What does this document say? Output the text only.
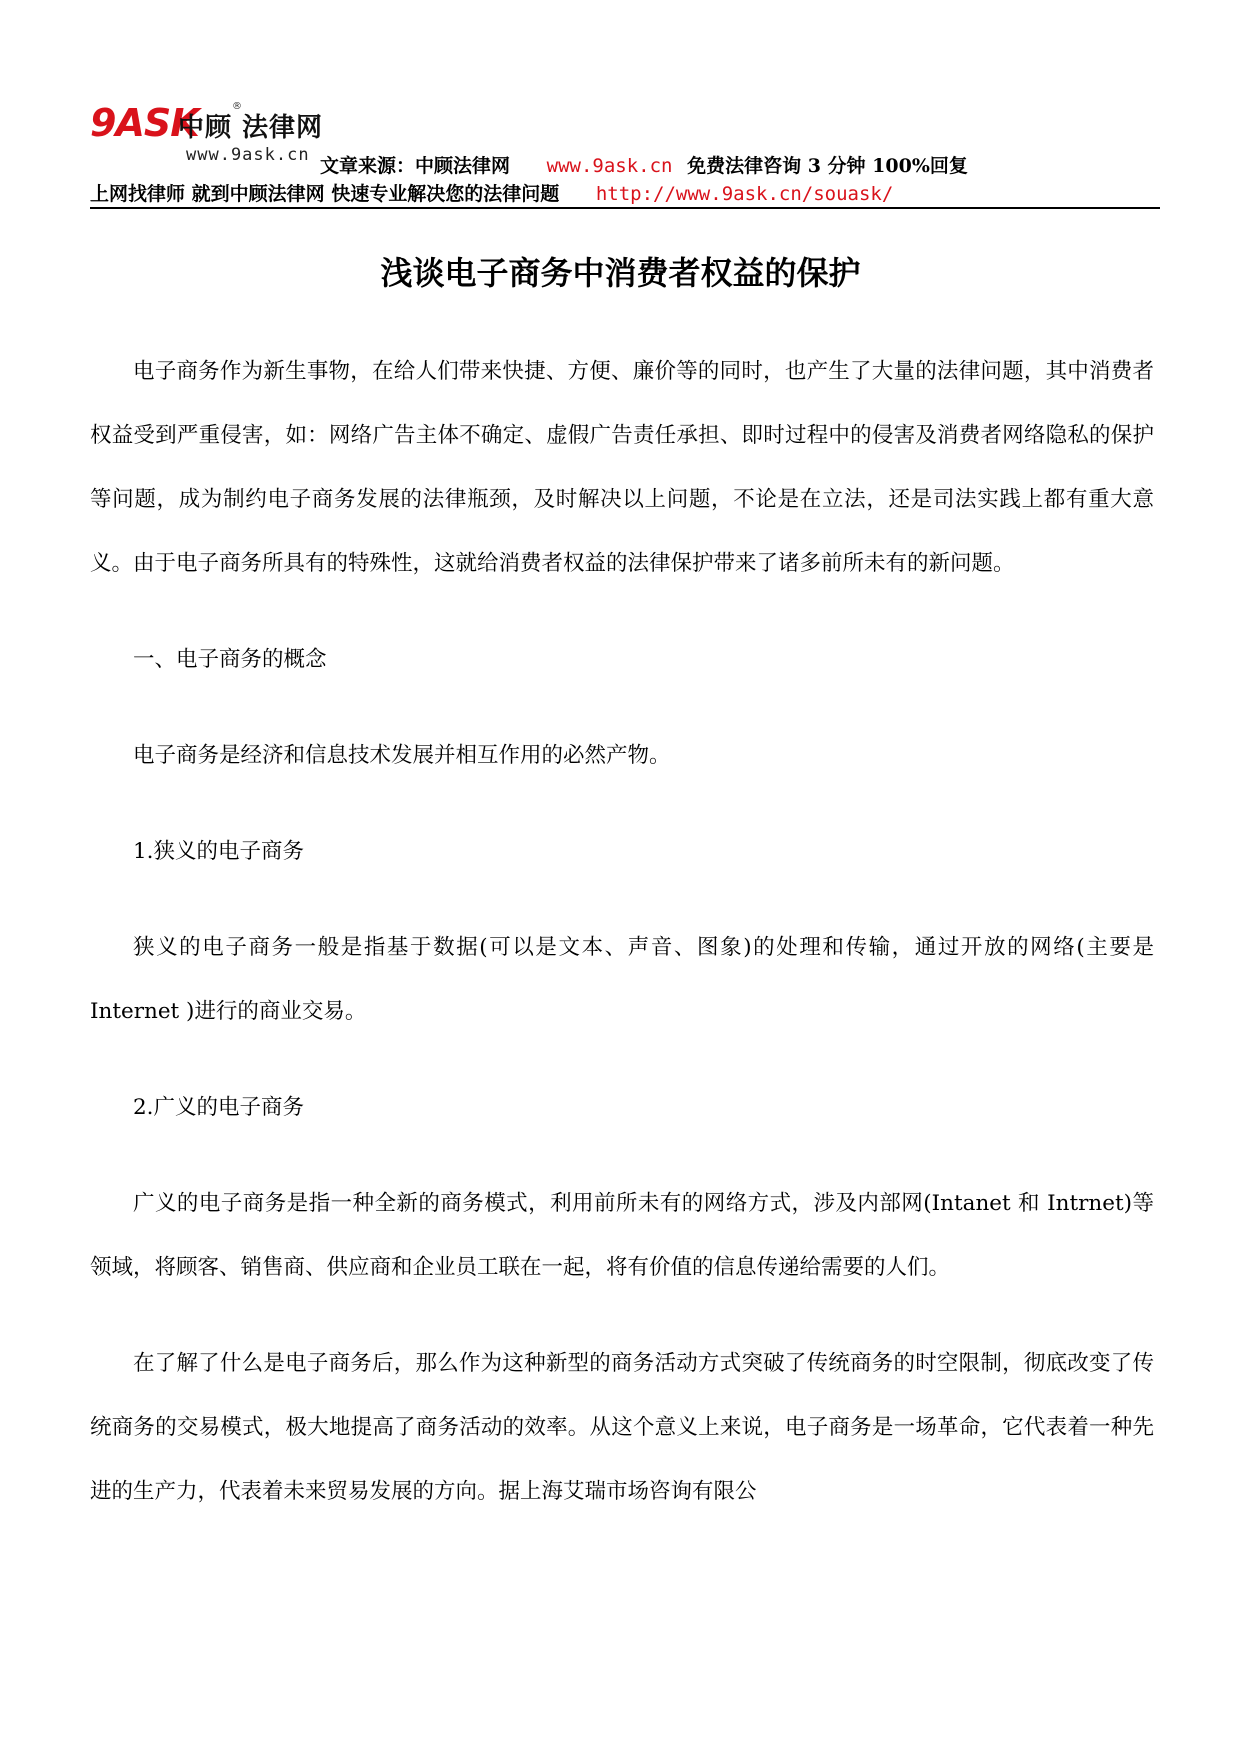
9ASK
中顾 法律网
®
www.9ask.cn 文章来源：中顾法律网 www.9ask.cn 免费法律咨询 3 分钟 100%回复
上网找律师 就到中顾法律网 快速专业解决您的法律问题 http://www.9ask.cn/souask/
浅谈电子商务中消费者权益的保护

电子商务作为新生事物，在给人们带来快捷、方便、廉价等的同时，也产生了大量的法律问题，其中消费者权益受到严重侵害，如：网络广告主体不确定、虚假广告责任承担、即时过程中的侵害及消费者网络隐私的保护等问题，成为制约电子商务发展的法律瓶颈，及时解决以上问题，不论是在立法，还是司法实践上都有重大意义。由于电子商务所具有的特殊性，这就给消费者权益的法律保护带来了诸多前所未有的新问题。

一、电子商务的概念

电子商务是经济和信息技术发展并相互作用的必然产物。

1.狭义的电子商务

狭义的电子商务一般是指基于数据(可以是文本、声音、图象)的处理和传输，通过开放的网络(主要是 Internet )进行的商业交易。

2.广义的电子商务

广义的电子商务是指一种全新的商务模式，利用前所未有的网络方式，涉及内部网(Intanet 和 Intrnet)等领域，将顾客、销售商、供应商和企业员工联在一起，将有价值的信息传递给需要的人们。

在了解了什么是电子商务后，那么作为这种新型的商务活动方式突破了传统商务的时空限制，彻底改变了传统商务的交易模式，极大地提高了商务活动的效率。从这个意义上来说，电子商务是一场革命，它代表着一种先进的生产力，代表着未来贸易发展的方向。据上海艾瑞市场咨询有限公
